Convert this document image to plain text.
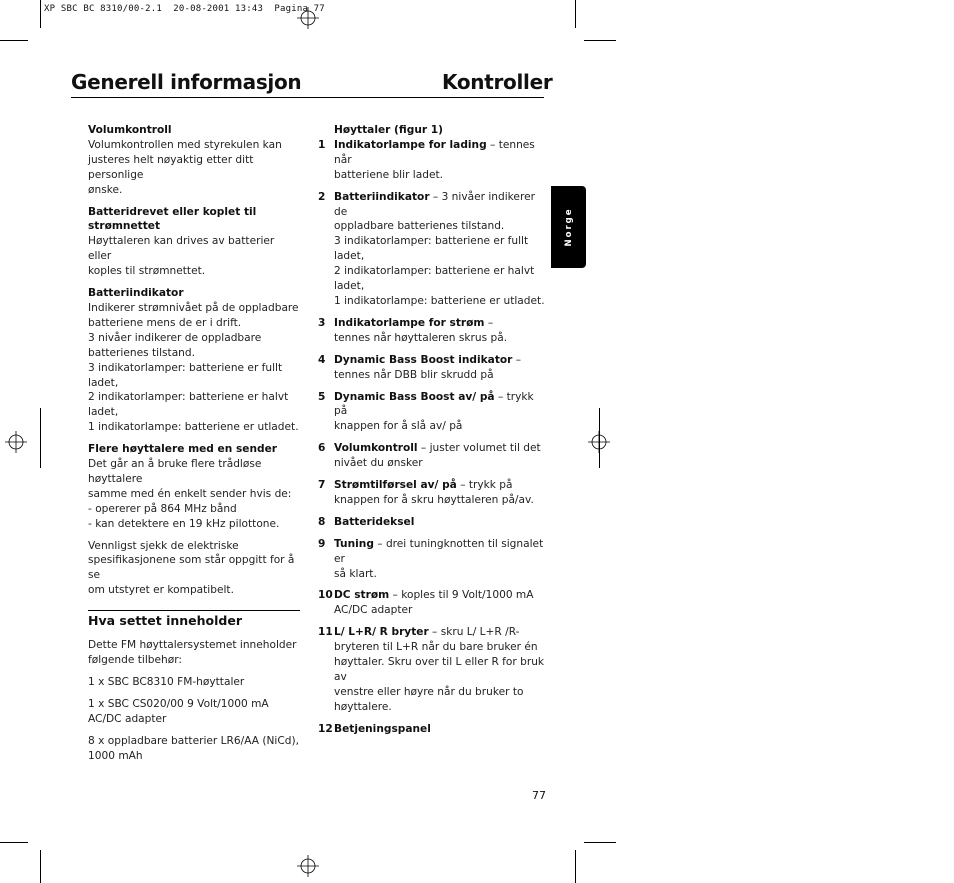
XP SBC BC 8310/00-2.1  20-08-2001 13:43  Pagina 77
Generell informasjon	Kontroller

Volumkontroll
Volumkontrollen med styrekulen kan
justeres helt nøyaktig etter ditt personlige
ønske.

Batteridrevet eller koplet til
strømnettet
Høyttaleren kan drives av batterier eller
koples til strømnettet.

Batteriindikator
Indikerer strømnivået på de oppladbare
batteriene mens de er i drift.
3 nivåer indikerer de oppladbare
batterienes tilstand.
3 indikatorlamper: batteriene er fullt ladet,
2 indikatorlamper: batteriene er halvt ladet,
1 indikatorlampe: batteriene er utladet.

Flere høyttalere med en sender
Det går an å bruke flere trådløse høyttalere
samme med én enkelt sender hvis de:
- opererer på 864 MHz bånd
- kan detektere en 19 kHz pilottone.

Vennligst sjekk de elektriske
spesifikasjonene som står oppgitt for å se
om utstyret er kompatibelt.

Hva settet inneholder

Dette FM høyttalersystemet inneholder
følgende tilbehør:

1 x SBC BC8310 FM-høyttaler

1 x SBC CS020/00 9 Volt/1000 mA
AC/DC adapter

8 x oppladbare batterier LR6/AA (NiCd),
1000 mAh

Høyttaler (figur 1)
1 Indikatorlampe for lading – tennes når
batteriene blir ladet.
2 Batteriindikator – 3 nivåer indikerer de
oppladbare batterienes tilstand.
3 indikatorlamper: batteriene er fullt ladet,
2 indikatorlamper: batteriene er halvt ladet,
1 indikatorlampe: batteriene er utladet.
3 Indikatorlampe for strøm –
tennes når høyttaleren skrus på.
4 Dynamic Bass Boost indikator –
tennes når DBB blir skrudd på
5 Dynamic Bass Boost av/ på – trykk på
knappen for å slå av/ på
6 Volumkontroll – juster volumet til det
nivået du ønsker
7 Strømtilførsel av/ på – trykk på
knappen for å skru høyttaleren på/av.
8 Batterideksel
9 Tuning – drei tuningknotten til signalet er
så klart.
10 DC strøm – koples til 9 Volt/1000 mA
AC/DC adapter
11 L/ L+R/ R bryter – skru L/ L+R /R-
bryteren til L+R når du bare bruker én
høyttaler. Skru over til L eller R for bruk av
venstre eller høyre når du bruker to
høyttalere.
12 Betjeningspanel
Norge
77
